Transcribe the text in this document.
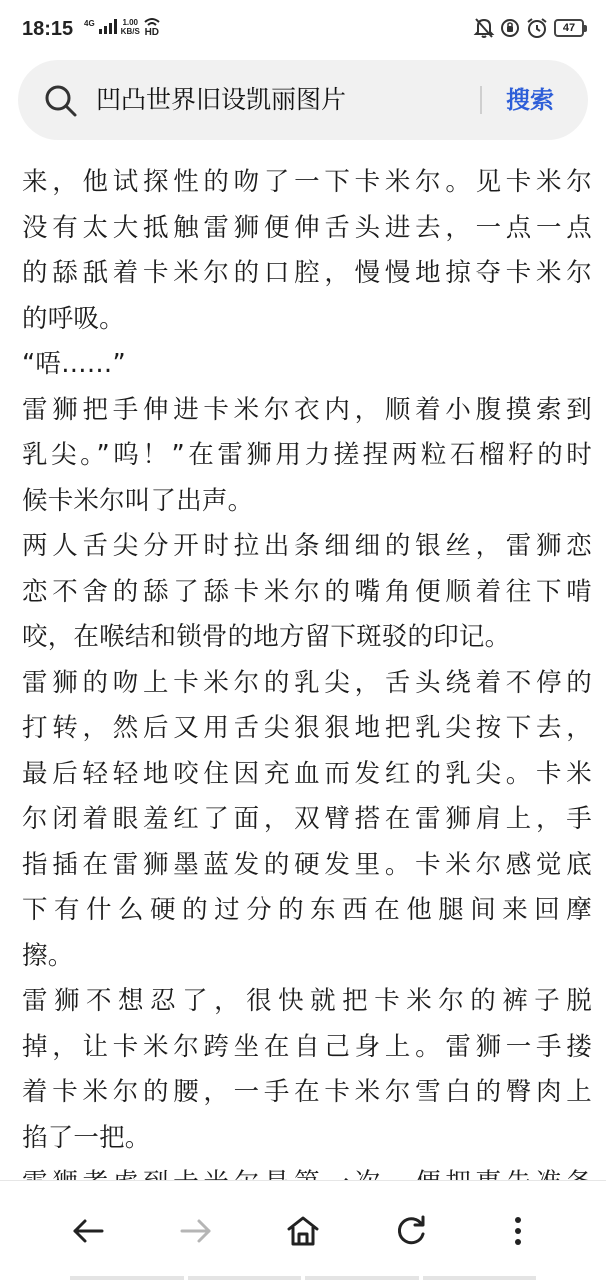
18:15 4G	1.00
KB/S HD	47
凹凸世界旧设凯丽图片	搜索
来，他试探性的吻了一下卡米尔。见卡米尔
没有太大抵触雷狮便伸舌头进去，一点一点
的舔舐着卡米尔的口腔，慢慢地掠夺卡米尔
的呼吸。
“唔……”
雷狮把手伸进卡米尔衣内，顺着小腹摸索到
乳尖。”呜！”在雷狮用力搓捏两粒石榴籽的时
候卡米尔叫了出声。
两人舌尖分开时拉出条细细的银丝，雷狮恋
恋不舍的舔了舔卡米尔的嘴角便顺着往下啃
咬，在喉结和锁骨的地方留下斑驳的印记。
雷狮的吻上卡米尔的乳尖，舌头绕着不停的
打转，然后又用舌尖狠狠地把乳尖按下去，
最后轻轻地咬住因充血而发红的乳尖。卡米
尔闭着眼羞红了面，双臂搭在雷狮肩上，手
指插在雷狮墨蓝发的硬发里。卡米尔感觉底
下有什么硬的过分的东西在他腿间来回摩
擦。
雷狮不想忍了，很快就把卡米尔的裤子脱
掉，让卡米尔跨坐在自己身上。雷狮一手搂
着卡米尔的腰，一手在卡米尔雪白的臀肉上
掐了一把。
